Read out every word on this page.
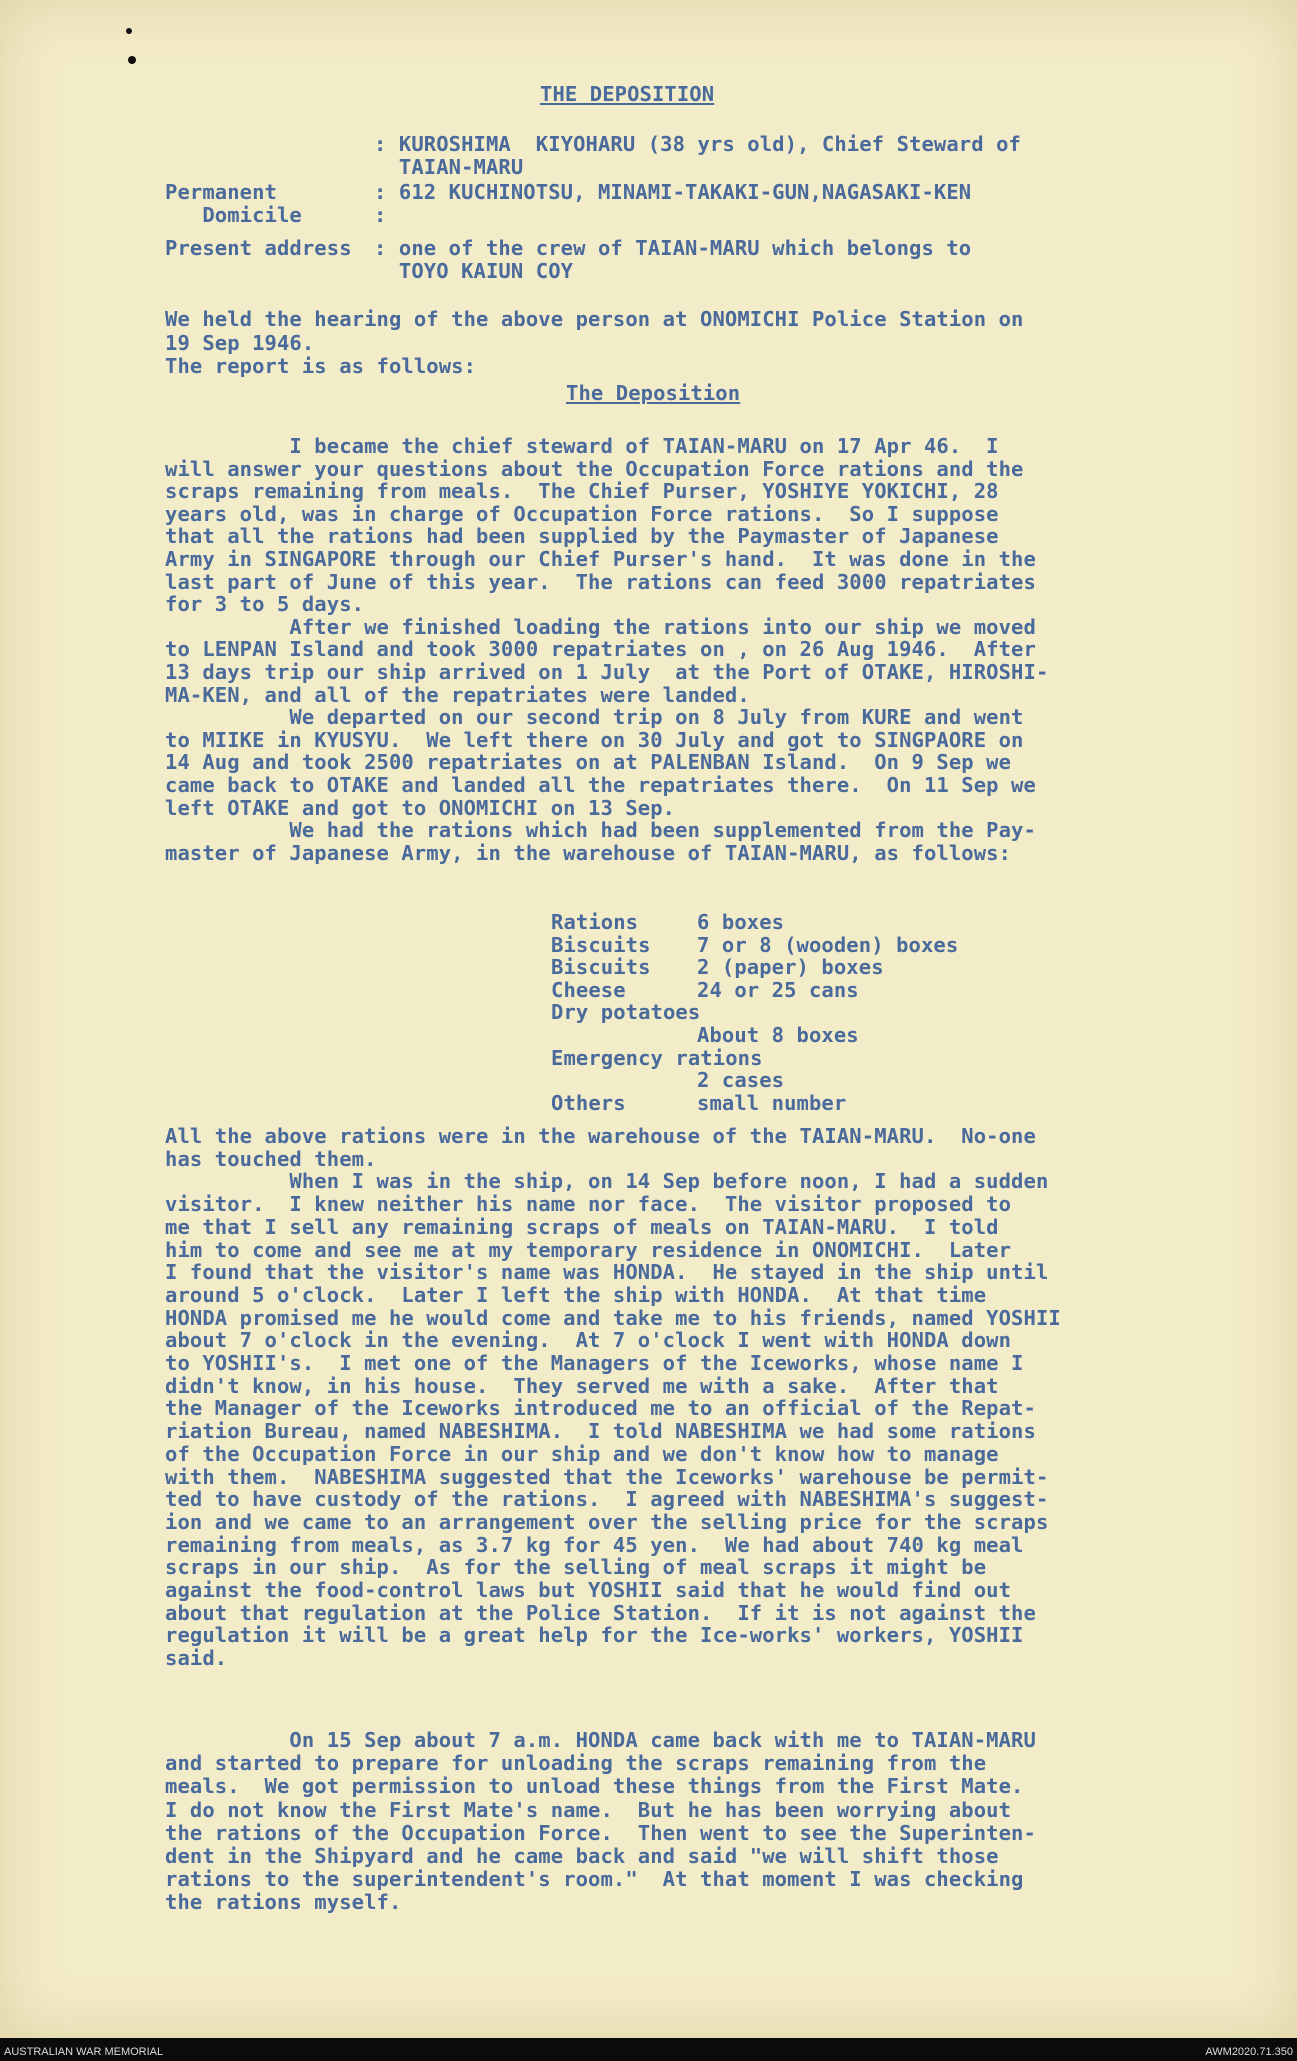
THE DEPOSITION

: KUROSHIMA  KIYOHARU (38 yrs old), Chief Steward of
TAIAN-MARU
Permanent	: 612 KUCHINOTSU, MINAMI-TAKAKI-GUN,NAGASAKI-KEN
Domicile	:
Present address : one of the crew of TAIAN-MARU which belongs to
TOYO KAIUN COY

We held the hearing of the above person at ONOMICHI Police Station on
19 Sep 1946.
The report is as follows:

The Deposition

I became the chief steward of TAIAN-MARU on 17 Apr 46.  I
will answer your questions about the Occupation Force rations and the
scraps remaining from meals.  The Chief Purser, YOSHIYE YOKICHI, 28
years old, was in charge of Occupation Force rations.  So I suppose
that all the rations had been supplied by the Paymaster of Japanese
Army in SINGAPORE through our Chief Purser's hand.  It was done in the
last part of June of this year.  The rations can feed 3000 repatriates
for 3 to 5 days.
After we finished loading the rations into our ship we moved
to LENPAN Island and took 3000 repatriates on , on 26 Aug 1946.  After
13 days trip our ship arrived on 1 July  at the Port of OTAKE, HIROSHI-
MA-KEN, and all of the repatriates were landed.
We departed on our second trip on 8 July from KURE and went
to MIIKE in KYUSYU.  We left there on 30 July and got to SINGPAORE on
14 Aug and took 2500 repatriates on at PALENBAN Island.  On 9 Sep we
came back to OTAKE and landed all the repatriates there.  On 11 Sep we
left OTAKE and got to ONOMICHI on 13 Sep.
We had the rations which had been supplemented from the Pay-
master of Japanese Army, in the warehouse of TAIAN-MARU, as follows:

Rations	6 boxes
Biscuits 7 or 8 (wooden) boxes
Biscuits 2 (paper) boxes
Cheese	24 or 25 cans
Dry potatoes
About 8 boxes
Emergency rations
2 cases
Others	small number

All the above rations were in the warehouse of the TAIAN-MARU.  No-one
has touched them.
When I was in the ship, on 14 Sep before noon, I had a sudden
visitor.  I knew neither his name nor face.  The visitor proposed to
me that I sell any remaining scraps of meals on TAIAN-MARU.  I told
him to come and see me at my temporary residence in ONOMICHI.  Later
I found that the visitor's name was HONDA.  He stayed in the ship until
around 5 o'clock.  Later I left the ship with HONDA.  At that time
HONDA promised me he would come and take me to his friends, named YOSHII
about 7 o'clock in the evening.  At 7 o'clock I went with HONDA down
to YOSHII's.  I met one of the Managers of the Iceworks, whose name I
didn't know, in his house.  They served me with a sake.  After that
the Manager of the Iceworks introduced me to an official of the Repat-
riation Bureau, named NABESHIMA.  I told NABESHIMA we had some rations
of the Occupation Force in our ship and we don't know how to manage
with them.  NABESHIMA suggested that the Iceworks' warehouse be permit-
ted to have custody of the rations.  I agreed with NABESHIMA's suggest-
ion and we came to an arrangement over the selling price for the scraps
remaining from meals, as 3.7 kg for 45 yen.  We had about 740 kg meal
scraps in our ship.  As for the selling of meal scraps it might be
against the food-control laws but YOSHII said that he would find out
about that regulation at the Police Station.  If it is not against the
regulation it will be a great help for the Ice-works' workers, YOSHII
said.

On 15 Sep about 7 a.m. HONDA came back with me to TAIAN-MARU
and started to prepare for unloading the scraps remaining from the
meals.  We got permission to unload these things from the First Mate.
I do not know the First Mate's name.  But he has been worrying about
the rations of the Occupation Force.  Then went to see the Superinten-
dent in the Shipyard and he came back and said "we will shift those
rations to the superintendent's room."  At that moment I was checking
the rations myself.

AUSTRALIAN WAR MEMORIAL	AWM2020.71.350
